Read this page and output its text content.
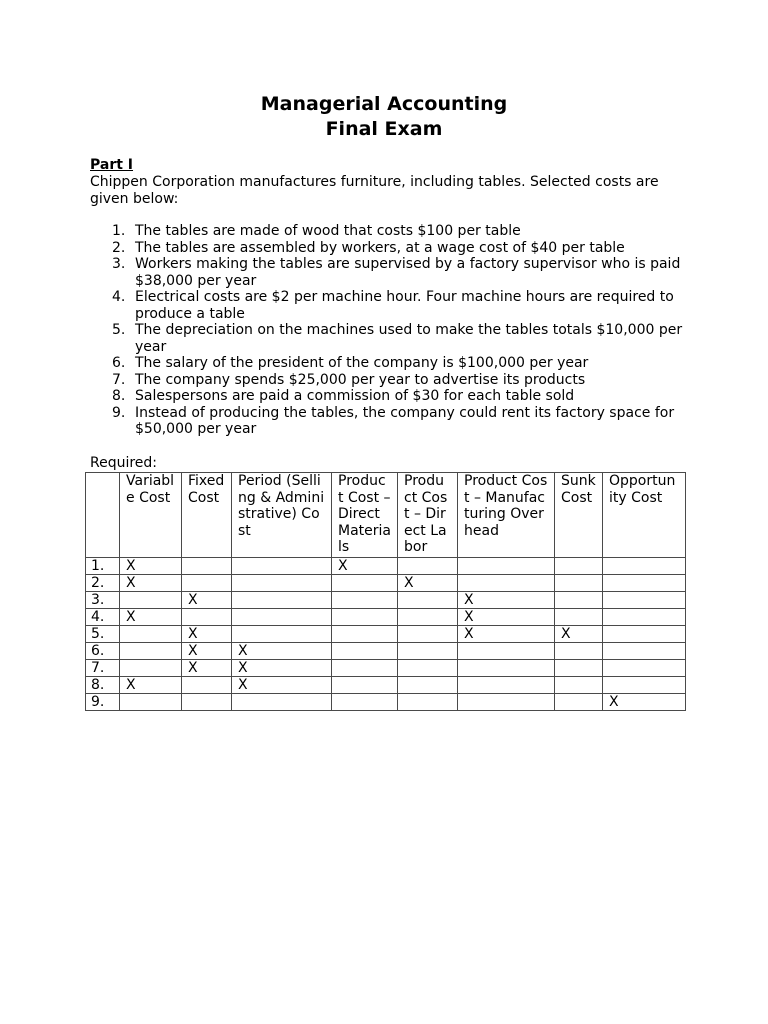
Managerial Accounting
Final Exam
Part I
Chippen Corporation manufactures furniture, including tables. Selected costs are given below:
1. The tables are made of wood that costs $100 per table
2. The tables are assembled by workers, at a wage cost of $40 per table
3. Workers making the tables are supervised by a factory supervisor who is paid $38,000 per year
4. Electrical costs are $2 per machine hour. Four machine hours are required to produce a table
5. The depreciation on the machines used to make the tables totals $10,000 per year
6. The salary of the president of the company is $100,000 per year
7. The company spends $25,000 per year to advertise its products
8. Salespersons are paid a commission of $30 for each table sold
9. Instead of producing the tables, the company could rent its factory space for $50,000 per year
Required:
	Variable Cost	Fixed Cost	Period (Selling & Administrative) Cost	Product Cost – Direct Materials	Product Cost – Direct Labor	Product Cost – Manufacturing Overhead	Sunk Cost	Opportunity Cost
1.	X			X				
2.	X				X			
3.		X				X		
4.	X					X		
5.		X				X	X	
6.		X	X					
7.		X	X					
8.	X		X					
9.								X
